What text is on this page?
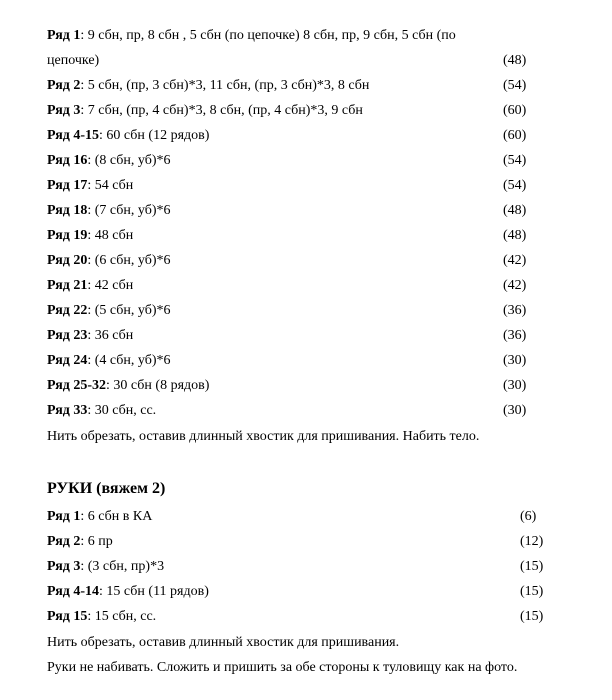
Ряд 1: 9 сбн, пр, 8 сбн , 5 сбн (по цепочке) 8 сбн, пр, 9 сбн, 5 сбн (по
цепочке)	(48)
Ряд 2: 5 сбн, (пр, 3 сбн)*3, 11 сбн, (пр, 3 сбн)*3, 8 сбн	(54)
Ряд 3: 7 сбн, (пр, 4 сбн)*3, 8 сбн, (пр, 4 сбн)*3, 9 сбн	(60)
Ряд 4-15: 60 сбн (12 рядов)	(60)
Ряд 16: (8 сбн, уб)*6	(54)
Ряд 17: 54 сбн	(54)
Ряд 18: (7 сбн, уб)*6	(48)
Ряд 19: 48 сбн	(48)
Ряд 20: (6 сбн, уб)*6	(42)
Ряд 21: 42 сбн	(42)
Ряд 22: (5 сбн, уб)*6	(36)
Ряд 23: 36 сбн	(36)
Ряд 24: (4 сбн, уб)*6	(30)
Ряд 25-32: 30 сбн (8 рядов)	(30)
Ряд 33: 30 сбн, сс.	(30)
Нить обрезать, оставив длинный хвостик для пришивания. Набить тело.
РУКИ (вяжем 2)
Ряд 1: 6 сбн в КА	(6)
Ряд 2: 6 пр	(12)
Ряд 3: (3 сбн, пр)*3	(15)
Ряд 4-14: 15 сбн (11 рядов)	(15)
Ряд 15: 15 сбн, сс.	(15)
Нить обрезать, оставив длинный хвостик для пришивания.
Руки не набивать. Сложить и пришить за обе стороны к туловищу как на фото.
